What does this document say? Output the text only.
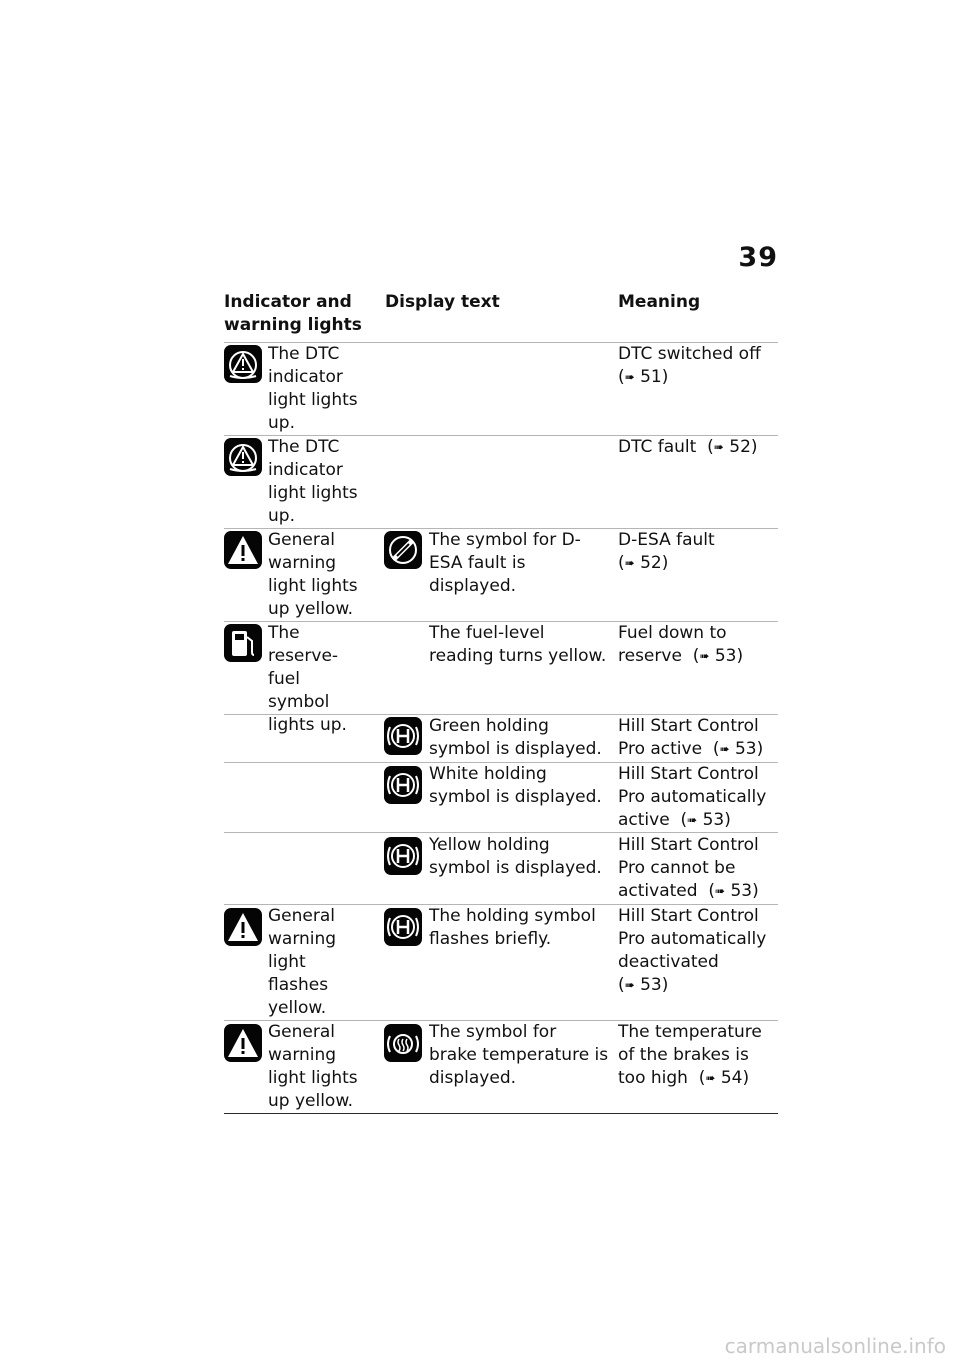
39
Indicator and warning lights
Display text	Meaning
The DTC indicator light lights up.
DTC switched off
(➠ 51)
The DTC indicator light lights up.
DTC fault  (➠ 52)
General warning light lights up yellow.
The symbol for D-ESA fault is displayed.
D-ESA fault
(➠ 52)
The reserve-fuel symbol lights up.
The fuel-level reading turns yellow.
Fuel down to reserve  (➠ 53)
Green holding symbol is displayed.
Hill Start Control Pro active  (➠ 53)
White holding symbol is displayed.
Hill Start Control Pro automatically active  (➠ 53)
Yellow holding symbol is displayed.
Hill Start Control Pro cannot be activated  (➠ 53)
General warning light flashes yellow.
The holding symbol flashes briefly.
Hill Start Control Pro automatically deactivated
(➠ 53)
General warning light lights up yellow.
The symbol for brake temperature is displayed.
The temperature of the brakes is too high  (➠ 54)
carmanualsonline.info
